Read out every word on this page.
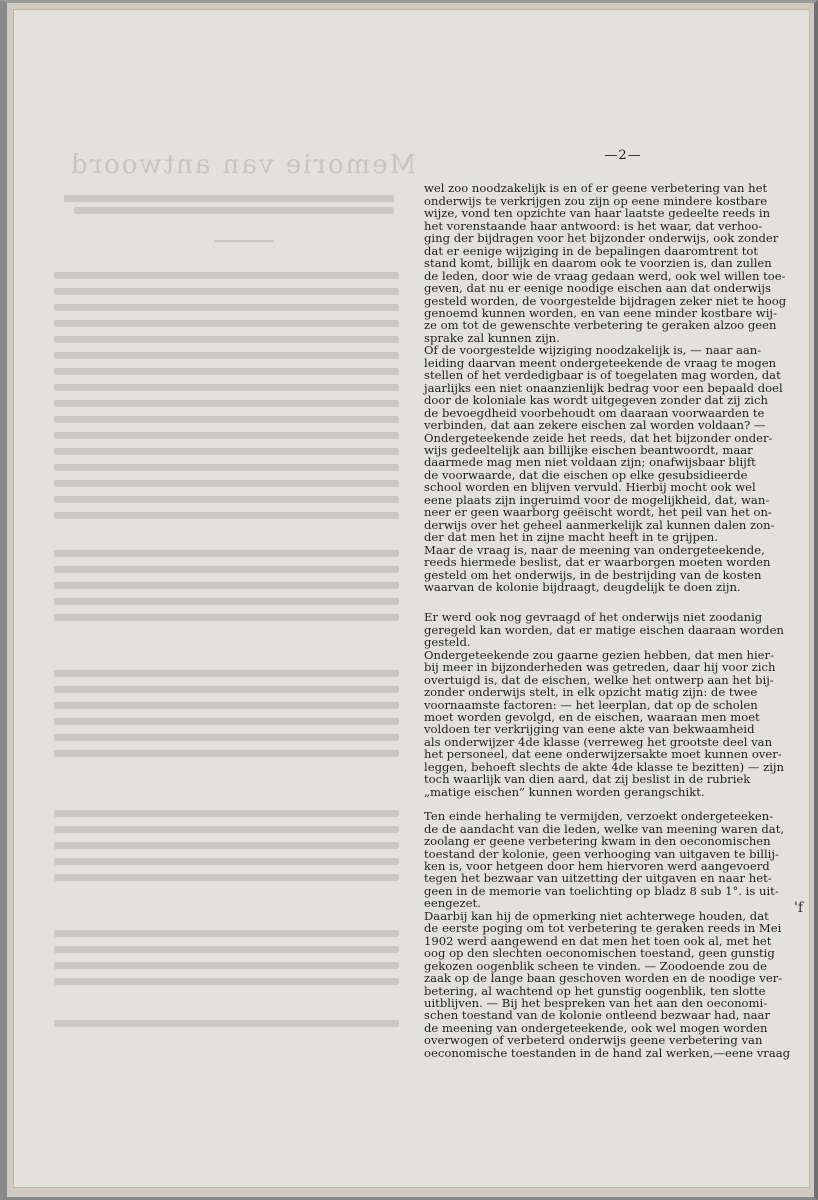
Memorie van antwoord	—2—

wel zoo noodzakelijk is en of er geene verbetering van het
onderwijs te verkrijgen zou zijn op eene mindere kostbare
wijze, vond ten opzichte van haar laatste gedeelte reeds in
het vorenstaande haar antwoord: is het waar, dat verhoo-
ging der bijdragen voor het bijzonder onderwijs, ook zonder
dat er eenige wijziging in de bepalingen daaromtrent tot
stand komt, billijk en daarom ook te voorzien is, dan zullen
de leden, door wie de vraag gedaan werd, ook wel willen toe-
geven, dat nu er eenige noodige eischen aan dat onderwijs
gesteld worden, de voorgestelde bijdragen zeker niet te hoog
genoemd kunnen worden, en van eene minder kostbare wij-
ze om tot de gewenschte verbetering te geraken alzoo geen
sprake zal kunnen zijn.

Of de voorgestelde wijziging noodzakelijk is, — naar aan-
leiding daarvan meent ondergeteekende de vraag te mogen
stellen of het verdedigbaar is of toegelaten mag worden, dat
jaarlijks een niet onaanzienlijk bedrag voor een bepaald doel
door de koloniale kas wordt uitgegeven zonder dat zij zich
de bevoegdheid voorbehoudt om daaraan voorwaarden te
verbinden, dat aan zekere eischen zal worden voldaan? —
Ondergeteekende zeide het reeds, dat het bijzonder onder-
wijs gedeeltelijk aan billijke eischen beantwoordt, maar
daarmede mag men niet voldaan zijn; onafwijsbaar blijft
de voorwaarde, dat die eischen op elke gesubsidieerde
school worden en blijven vervuld. Hierbij mocht ook wel
eene plaats zijn ingeruimd voor de mogelijkheid, dat, wan-
neer er geen waarborg geëischt wordt, het peil van het on-
derwijs over het geheel aanmerkelijk zal kunnen dalen zon-
der dat men het in zijne macht heeft in te grijpen.

Maar de vraag is, naar de meening van ondergeteekende,
reeds hiermede beslist, dat er waarborgen moeten worden
gesteld om het onderwijs, in de bestrijding van de kosten
waarvan de kolonie bijdraagt, deugdelijk te doen zijn.

Er werd ook nog gevraagd of het onderwijs niet zoodanig
geregeld kan worden, dat er matige eischen daaraan worden
gesteld.

Ondergeteekende zou gaarne gezien hebben, dat men hier-
bij meer in bijzonderheden was getreden, daar hij voor zich
overtuigd is, dat de eischen, welke het ontwerp aan het bij-
zonder onderwijs stelt, in elk opzicht matig zijn: de twee
voornaamste factoren: — het leerplan, dat op de scholen
moet worden gevolgd, en de eischen, waaraan men moet
voldoen ter verkrijging van eene akte van bekwaamheid
als onderwijzer 4de klasse (verreweg het grootste deel van
het personeel, dat eene onderwijzersakte moet kunnen over-
leggen, behoeft slechts de akte 4de klasse te bezitten) — zijn
toch waarlijk van dien aard, dat zij beslist in de rubriek
„matige eischen” kunnen worden gerangschikt.

Ten einde herhaling te vermijden, verzoekt ondergeteeken-
de de aandacht van die leden, welke van meening waren dat,
zoolang er geene verbetering kwam in den oeconomischen
toestand der kolonie, geen verhooging van uitgaven te billij-
ken is, voor hetgeen door hem hiervoren werd aangevoerd
tegen het bezwaar van uitzetting der uitgaven en naar het-
geen in de memorie van toelichting op bladz 8 sub 1°. is uit-
eengezet.

Daarbij kan hij de opmerking niet achterwege houden, dat
de eerste poging om tot verbetering te geraken reeds in Mei
1902 werd aangewend en dat men het toen ook al, met het
oog op den slechten oeconomischen toestand, geen gunstig
gekozen oogenblik scheen te vinden. — Zoodoende zou de
zaak op de lange baan geschoven worden en de noodige ver-
betering, al wachtend op het gunstig oogenblik, ten slotte
uitblijven. — Bij het bespreken van het aan den oeconomi-
schen toestand van de kolonie ontleend bezwaar had, naar
de meening van ondergeteekende, ook wel mogen worden
overwogen of verbeterd onderwijs geene verbetering van
oeconomische toestanden in de hand zal werken,—eene vraag

'f
